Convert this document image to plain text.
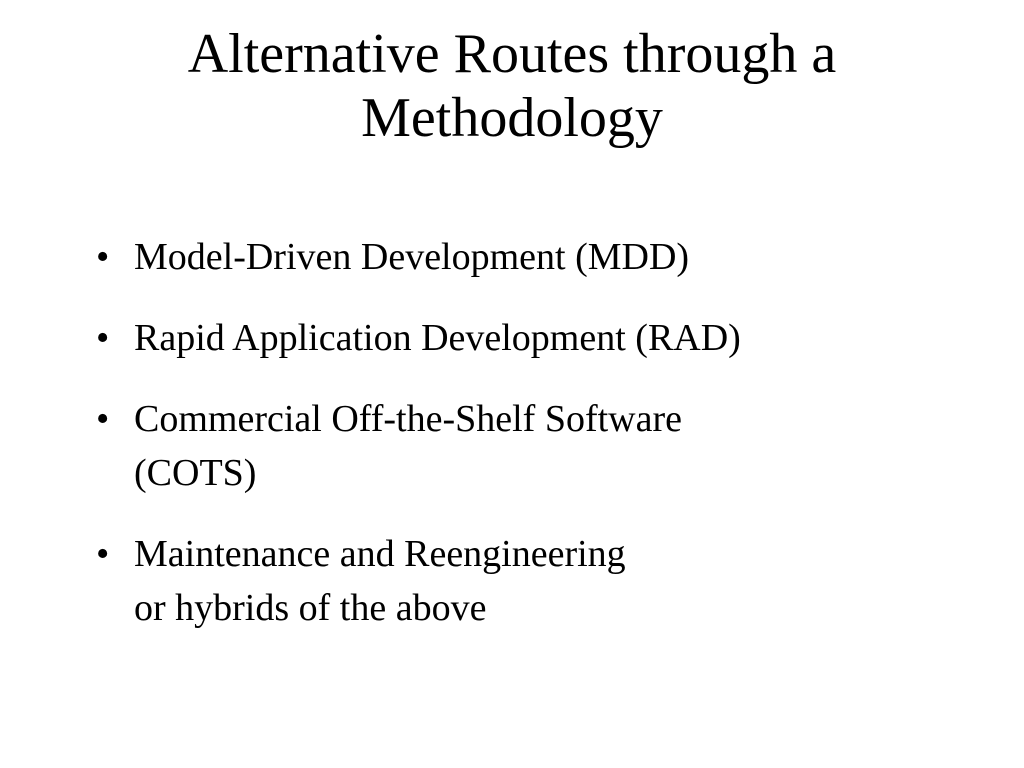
Alternative Routes through a
Methodology
• Model-Driven Development (MDD)
• Rapid Application Development (RAD)
• Commercial Off-the-Shelf Software
(COTS)
• Maintenance and Reengineering
or hybrids of the above
